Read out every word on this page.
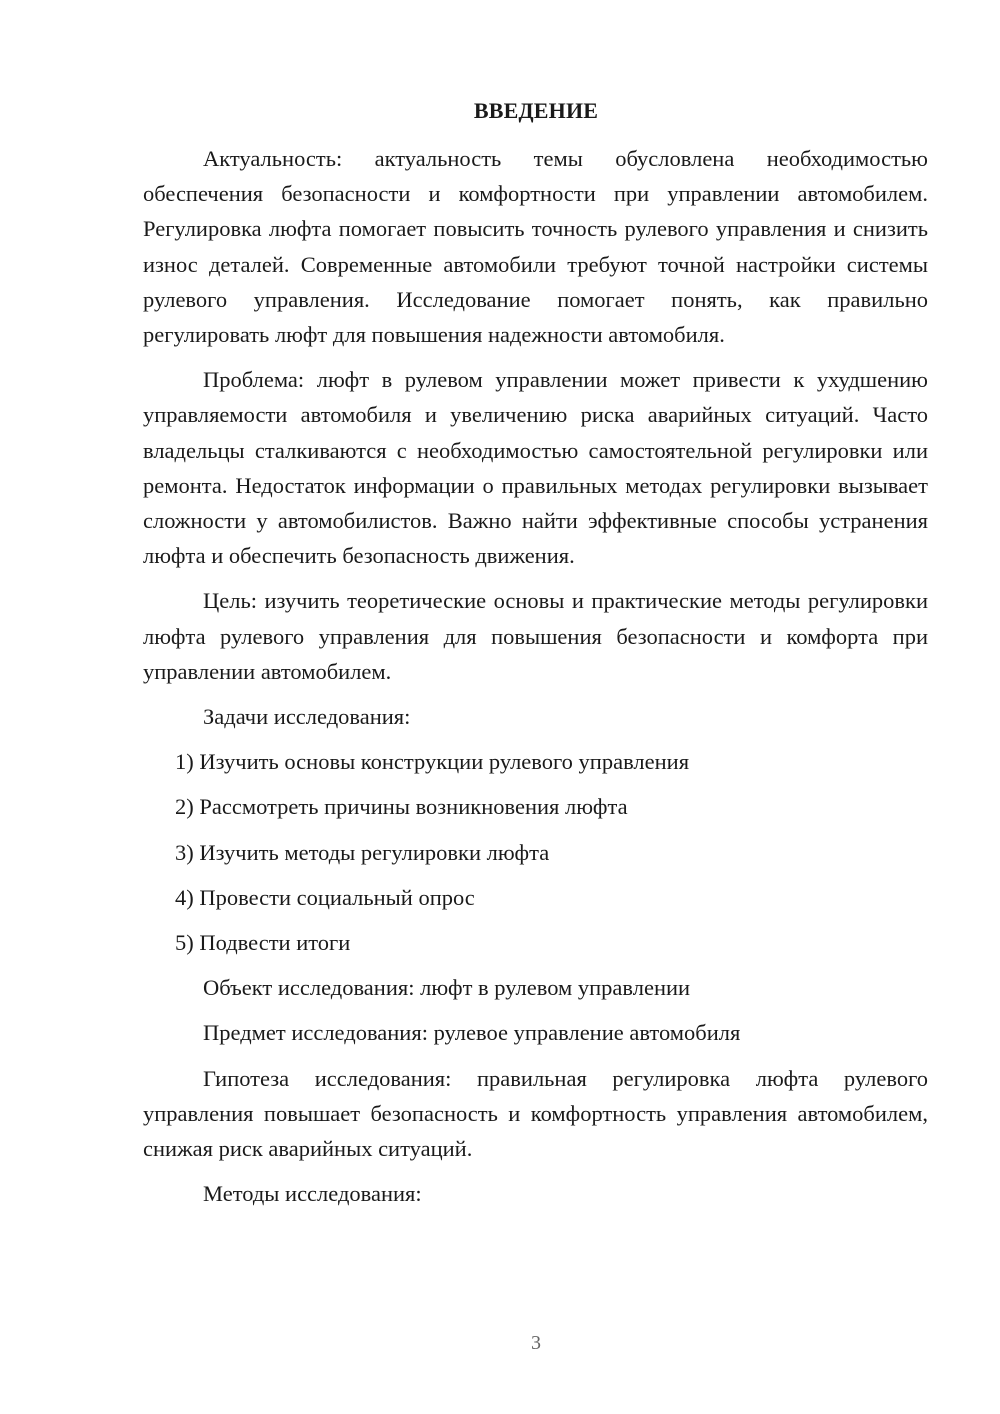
ВВЕДЕНИЕ

Актуальность: актуальность темы обусловлена необходимостью обеспечения безопасности и комфортности при управлении автомобилем. Регулировка люфта помогает повысить точность рулевого управления и снизить износ деталей. Современные автомобили требуют точной настройки системы рулевого управления. Исследование помогает понять, как правильно регулировать люфт для повышения надежности автомобиля.

Проблема: люфт в рулевом управлении может привести к ухудшению управляемости автомобиля и увеличению риска аварийных ситуаций. Часто владельцы сталкиваются с необходимостью самостоятельной регулировки или ремонта. Недостаток информации о правильных методах регулировки вызывает сложности у автомобилистов. Важно найти эффективные способы устранения люфта и обеспечить безопасность движения.

Цель: изучить теоретические основы и практические методы регулировки люфта рулевого управления для повышения безопасности и комфорта при управлении автомобилем.

Задачи исследования:

1) Изучить основы конструкции рулевого управления
2) Рассмотреть причины возникновения люфта
3) Изучить методы регулировки люфта
4) Провести социальный опрос
5) Подвести итоги

Объект исследования: люфт в рулевом управлении

Предмет исследования: рулевое управление автомобиля

Гипотеза исследования: правильная регулировка люфта рулевого управления повышает безопасность и комфортность управления автомобилем, снижая риск аварийных ситуаций.

Методы исследования:

3
